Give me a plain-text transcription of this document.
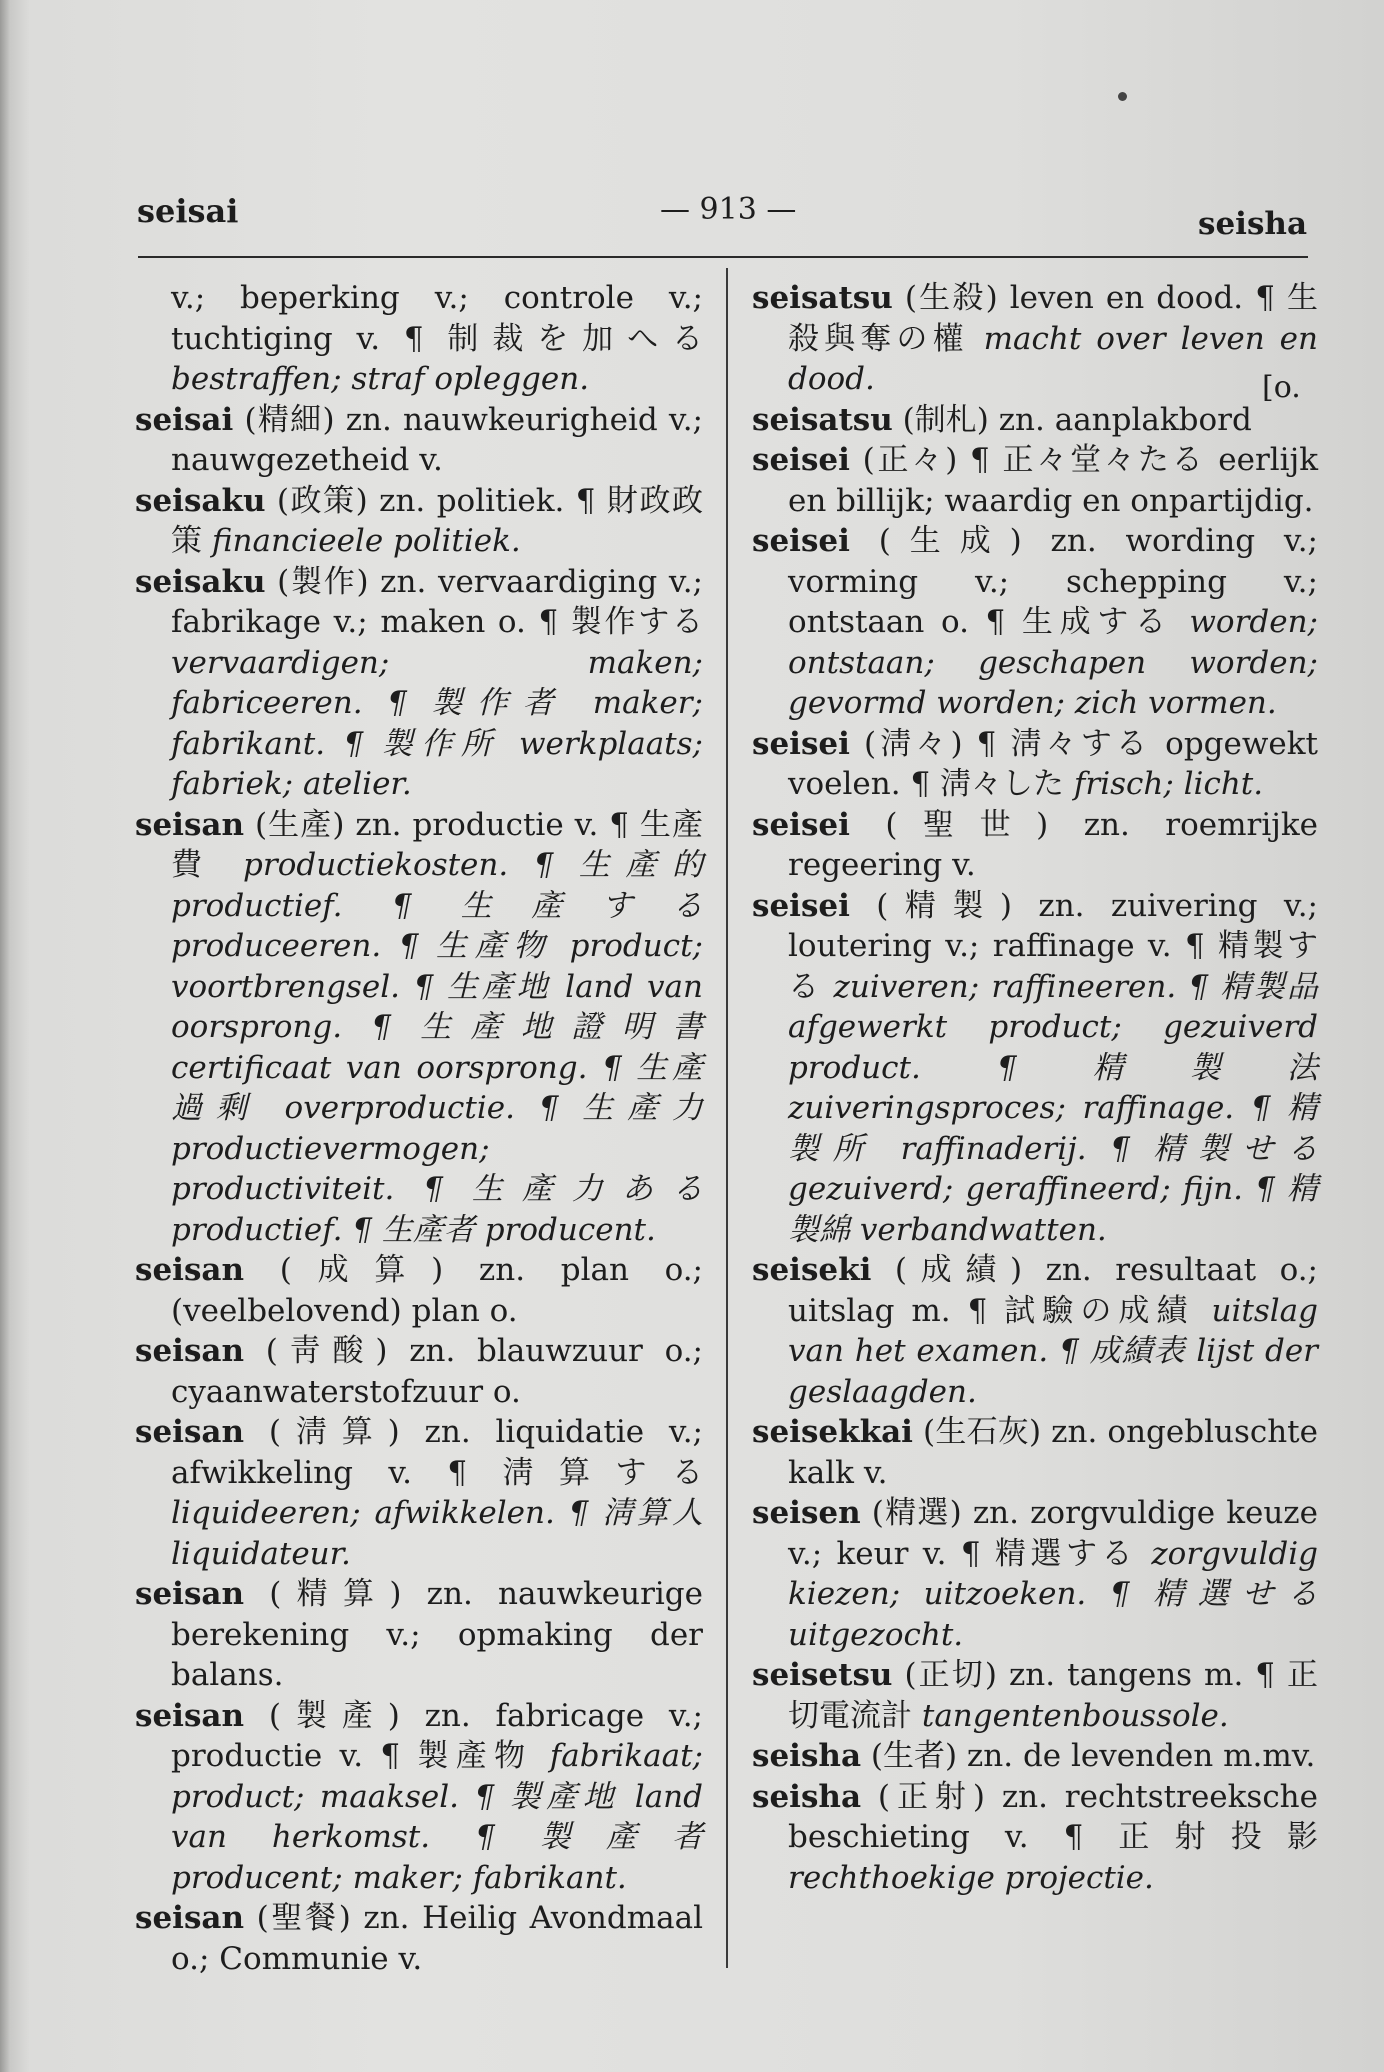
seisai	— 913 —	seisha

v.; beperking v.; controle v.; tuchtiging v. ¶ 制裁を加へる bestraffen; straf opleggen.

seisai (精細) zn. nauwkeurigheid v.; nauwgezetheid v.

seisaku (政策) zn. politiek. ¶ 財政政策 financieele politiek.

seisaku (製作) zn. vervaardiging v.; fabrikage v.; maken o. ¶ 製作する vervaardigen; maken; fabriceeren. ¶ 製作者 maker; fabrikant. ¶ 製作所 werkplaats; fabriek; atelier.

seisan (生產) zn. productie v. ¶ 生產費 productiekosten. ¶ 生產的 productief. ¶ 生產する produceeren. ¶ 生產物 product; voortbrengsel. ¶ 生產地 land van oorsprong. ¶ 生產地證明書 certificaat van oorsprong. ¶ 生產過剩 overproductie. ¶ 生產力 productievermogen; productiviteit. ¶ 生產力ある productief. ¶ 生產者 producent.

seisan (成算) zn. plan o.; (veelbelovend) plan o.

seisan (靑酸) zn. blauwzuur o.; cyaanwaterstofzuur o.

seisan (淸算) zn. liquidatie v.; afwikkeling v. ¶ 淸算する liquideeren; afwikkelen. ¶ 淸算人 liquidateur.

seisan (精算) zn. nauwkeurige berekening v.; opmaking der balans.

seisan (製產) zn. fabricage v.; productie v. ¶ 製產物 fabrikaat; product; maaksel. ¶ 製產地 land van herkomst. ¶ 製產者 producent; maker; fabrikant.

seisan (聖餐) zn. Heilig Avondmaal o.; Communie v.

seisatsu (生殺) leven en dood. ¶ 生殺與奪の權 macht over leven en dood.

seisatsu (制札) zn. aanplakbord

seisei (正々) ¶ 正々堂々たる eerlijk en billijk; waardig en onpartijdig.

seisei (生成) zn. wording v.; vorming v.; schepping v.; ontstaan o. ¶ 生成する worden; ontstaan; geschapen worden; gevormd worden; zich vormen.

seisei (淸々) ¶ 淸々する opgewekt voelen. ¶ 淸々した frisch; licht.

seisei (聖世) zn. roemrijke regeering v.

seisei (精製) zn. zuivering v.; loutering v.; raffinage v. ¶ 精製する zuiveren; raffineeren. ¶ 精製品 afgewerkt product; gezuiverd product. ¶ 精製法 zuiveringsproces; raffinage. ¶ 精製所 raffinaderij. ¶ 精製せる gezuiverd; geraffineerd; fijn. ¶ 精製綿 verbandwatten.

seiseki (成績) zn. resultaat o.; uitslag m. ¶ 試驗の成績 uitslag van het examen. ¶ 成績表 lijst der geslaagden.

seisekkai (生石灰) zn. ongebluschte kalk v.

seisen (精選) zn. zorgvuldige keuze v.; keur v. ¶ 精選する zorgvuldig kiezen; uitzoeken. ¶ 精選せる uitgezocht.

seisetsu (正切) zn. tangens m. ¶ 正切電流計 tangentenboussole.

seisha (生者) zn. de levenden m.mv.

seisha (正射) zn. rechtstreeksche beschieting v. ¶ 正射投影 rechthoekige projectie.

[o.
